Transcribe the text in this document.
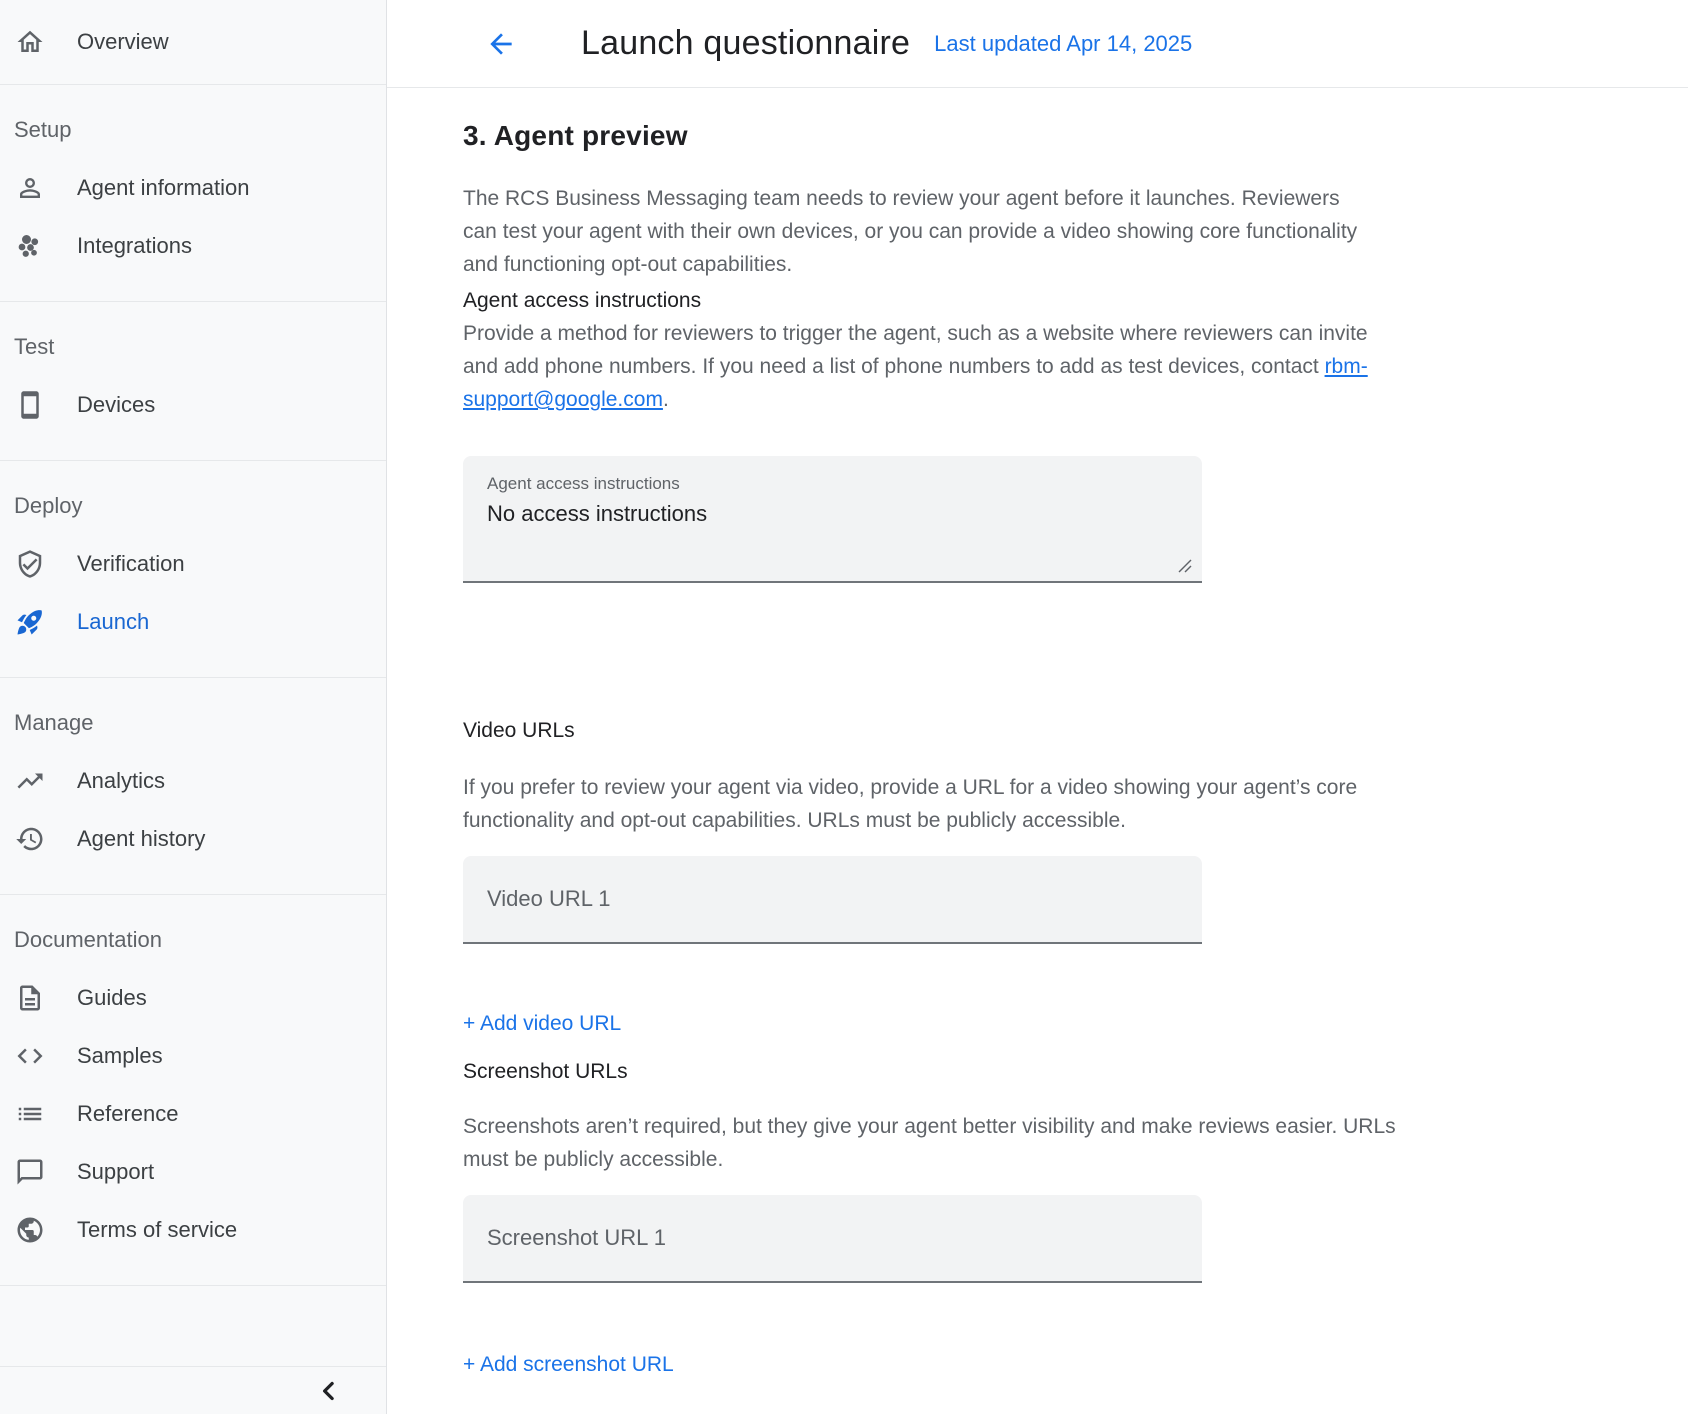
Overview
Setup
Agent information
Integrations
Test
Devices
Deploy
Verification
Launch
Manage
Analytics
Agent history
Documentation
Guides
Samples
Reference
Support
Terms of service
Launch questionnaire Last updated Apr 14, 2025
3. Agent preview

The RCS Business Messaging team needs to review your agent before it launches. Reviewers can test your agent with their own devices, or you can provide a video showing core functionality and functioning opt-out capabilities.

Agent access instructions

Provide a method for reviewers to trigger the agent, such as a website where reviewers can invite and add phone numbers. If you need a list of phone numbers to add as test devices, contact rbm-support@google.com.

Agent access instructions
No access instructions
Video URLs

If you prefer to review your agent via video, provide a URL for a video showing your agent’s core functionality and opt-out capabilities. URLs must be publicly accessible.

Video URL 1
+ Add video URL
Screenshot URLs

Screenshots aren’t required, but they give your agent better visibility and make reviews easier. URLs must be publicly accessible.

Screenshot URL 1
+ Add screenshot URL
